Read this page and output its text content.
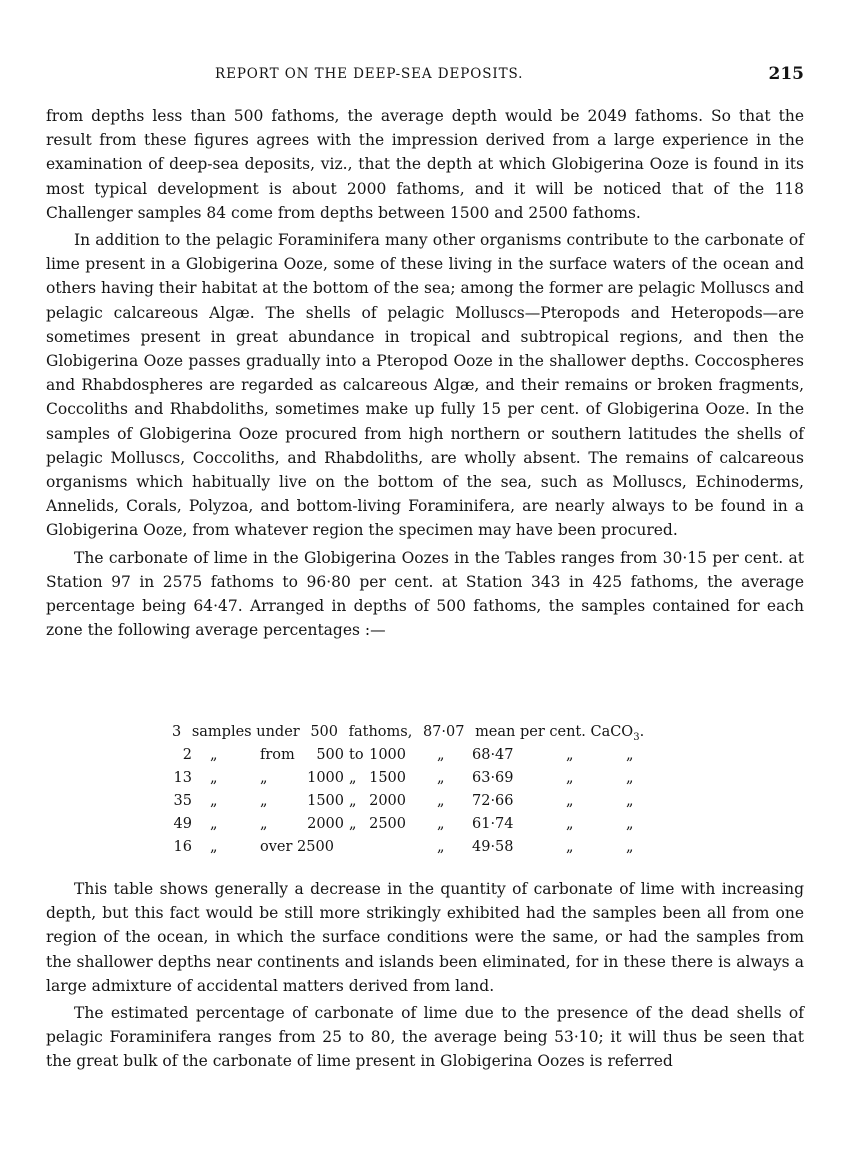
REPORT ON THE DEEP-SEA DEPOSITS.	215

from depths less than 500 fathoms, the average depth would be 2049 fathoms. So that the result from these figures agrees with the impression derived from a large experience in the examination of deep-sea deposits, viz., that the depth at which Globigerina Ooze is found in its most typical development is about 2000 fathoms, and it will be noticed that of the 118 Challenger samples 84 come from depths between 1500 and 2500 fathoms.

In addition to the pelagic Foraminifera many other organisms contribute to the carbonate of lime present in a Globigerina Ooze, some of these living in the surface waters of the ocean and others having their habitat at the bottom of the sea; among the former are pelagic Molluscs and pelagic calcareous Algæ. The shells of pelagic Molluscs—Pteropods and Heteropods—are sometimes present in great abundance in tropical and subtropical regions, and then the Globigerina Ooze passes gradually into a Pteropod Ooze in the shallower depths. Coccospheres and Rhabdospheres are regarded as calcareous Algæ, and their remains or broken fragments, Coccoliths and Rhabdoliths, sometimes make up fully 15 per cent. of Globigerina Ooze. In the samples of Globigerina Ooze procured from high northern or southern latitudes the shells of pelagic Molluscs, Coccoliths, and Rhabdoliths, are wholly absent. The remains of calcareous organisms which habitually live on the bottom of the sea, such as Molluscs, Echinoderms, Annelids, Corals, Polyzoa, and bottom-living Foraminifera, are nearly always to be found in a Globigerina Ooze, from whatever region the specimen may have been procured.

The carbonate of lime in the Globigerina Oozes in the Tables ranges from 30·15 per cent. at Station 97 in 2575 fathoms to 96·80 per cent. at Station 343 in 425 fathoms, the average percentage being 64·47. Arranged in depths of 500 fathoms, the samples contained for each zone the following average percentages :—

3 samples under 500 fathoms, 87·07 mean per cent. CaCO$_3$.
2 „	from	500 to 1000 „ 68·47	„	„
13 „	„	1000 „ 1500 „ 63·69	„	„
35 „	„	1500 „ 2000 „ 72·66	„	„
49 „	„	2000 „ 2500 „ 61·74	„	„
16 „	over 2500	„ 49·58	„	„

This table shows generally a decrease in the quantity of carbonate of lime with increasing depth, but this fact would be still more strikingly exhibited had the samples been all from one region of the ocean, in which the surface conditions were the same, or had the samples from the shallower depths near continents and islands been eliminated, for in these there is always a large admixture of accidental matters derived from land.

The estimated percentage of carbonate of lime due to the presence of the dead shells of pelagic Foraminifera ranges from 25 to 80, the average being 53·10; it will thus be seen that the great bulk of the carbonate of lime present in Globigerina Oozes is referred
